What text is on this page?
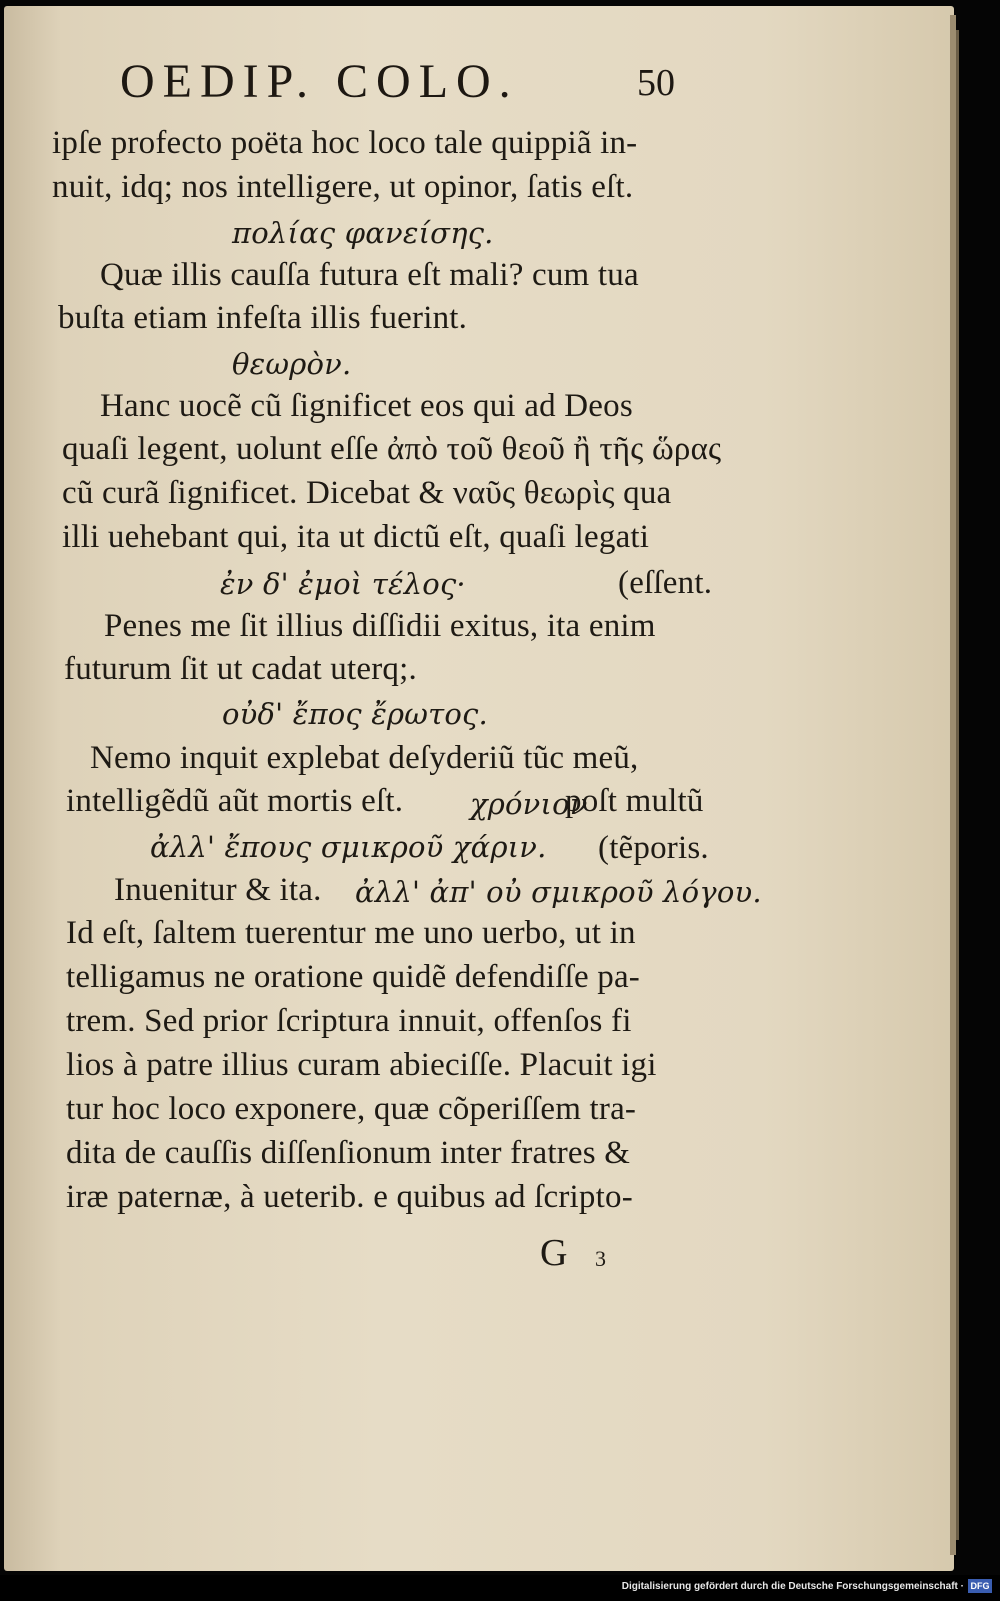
OEDIP. COLO.	50
ipſe profecto poëta hoc loco tale quippiã in-
nuit, idq; nos intelligere, ut opinor, ſatis eſt.
πολίας φανείσης.
Quæ illis cauſſa futura eſt mali? cum tua
buſta etiam infeſta illis fuerint.
θεωρὸν.
Hanc uocẽ cũ ſignificet eos qui ad Deos
quaſi legent, uolunt eſſe ἀπὸ τοῦ θεοῦ ἢ τῆς ὥρας
cũ curã ſignificet. Dicebat & ναῦς θεωρὶς qua
illi uehebant qui, ita ut dictũ eſt, quaſi legati
ἐν δ' ἐμοὶ τέλος·	(eſſent.
Penes me ſit illius diſſidii exitus, ita enim
futurum ſit ut cadat uterq;.
οὐδ' ἔπος ἔρωτος.
Nemo inquit explebat deſyderiũ tũc meũ,
intelligẽdũ aũt mortis eſt. χρόνιον
poſt multũ
ἀλλ' ἔπους σμικροῦ χάριν. (tẽporis.
Inuenitur & ita. ἀλλ' ἀπ' οὐ σμικροῦ λόγου.
Id eſt, ſaltem tuerentur me uno uerbo, ut in
telligamus ne oratione quidẽ defendiſſe pa-
trem. Sed prior ſcriptura innuit, offenſos fi
lios à patre illius curam abieciſſe. Placuit igi
tur hoc loco exponere, quæ cõperiſſem tra-
dita de cauſſis diſſenſionum inter fratres &
iræ paternæ, à ueterib. e quibus ad ſcripto-
G 3
Digitalisierung gefördert durch die Deutsche Forschungsgemeinschaft · DFG
